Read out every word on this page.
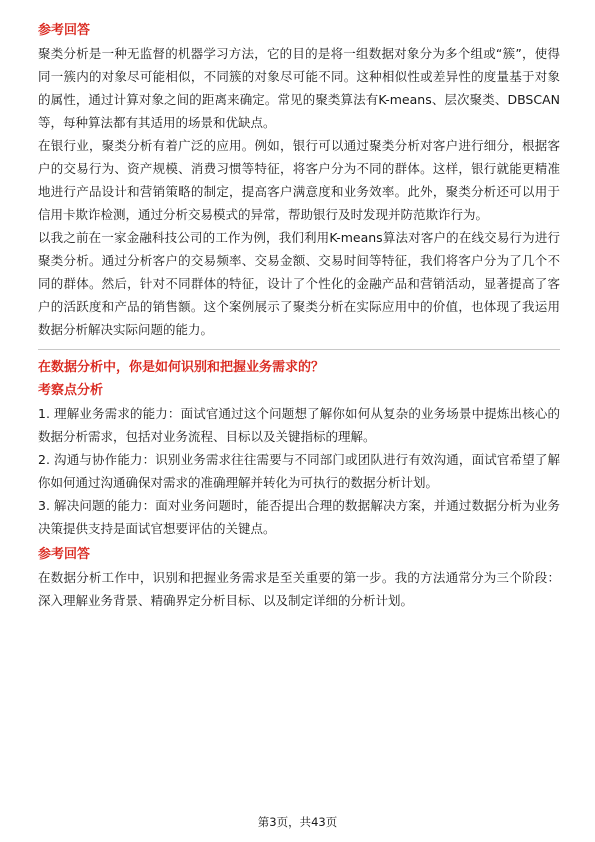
参考回答

聚类分析是一种无监督的机器学习方法，它的目的是将一组数据对象分为多个组或“簇”，使得同一簇内的对象尽可能相似，不同簇的对象尽可能不同。这种相似性或差异性的度量基于对象的属性，通过计算对象之间的距离来确定。常见的聚类算法有K-means、层次聚类、DBSCAN等，每种算法都有其适用的场景和优缺点。

在银行业，聚类分析有着广泛的应用。例如，银行可以通过聚类分析对客户进行细分，根据客户的交易行为、资产规模、消费习惯等特征，将客户分为不同的群体。这样，银行就能更精准地进行产品设计和营销策略的制定，提高客户满意度和业务效率。此外，聚类分析还可以用于信用卡欺诈检测，通过分析交易模式的异常，帮助银行及时发现并防范欺诈行为。

以我之前在一家金融科技公司的工作为例，我们利用K-means算法对客户的在线交易行为进行聚类分析。通过分析客户的交易频率、交易金额、交易时间等特征，我们将客户分为了几个不同的群体。然后，针对不同群体的特征，设计了个性化的金融产品和营销活动，显著提高了客户的活跃度和产品的销售额。这个案例展示了聚类分析在实际应用中的价值，也体现了我运用数据分析解决实际问题的能力。

在数据分析中，你是如何识别和把握业务需求的？
考察点分析

1. 理解业务需求的能力：面试官通过这个问题想了解你如何从复杂的业务场景中提炼出核心的数据分析需求，包括对业务流程、目标以及关键指标的理解。

2. 沟通与协作能力：识别业务需求往往需要与不同部门或团队进行有效沟通，面试官希望了解你如何通过沟通确保对需求的准确理解并转化为可执行的数据分析计划。

3. 解决问题的能力：面对业务问题时，能否提出合理的数据解决方案，并通过数据分析为业务决策提供支持是面试官想要评估的关键点。

参考回答

在数据分析工作中，识别和把握业务需求是至关重要的第一步。我的方法通常分为三个阶段：深入理解业务背景、精确界定分析目标、以及制定详细的分析计划。

第3页，共43页
